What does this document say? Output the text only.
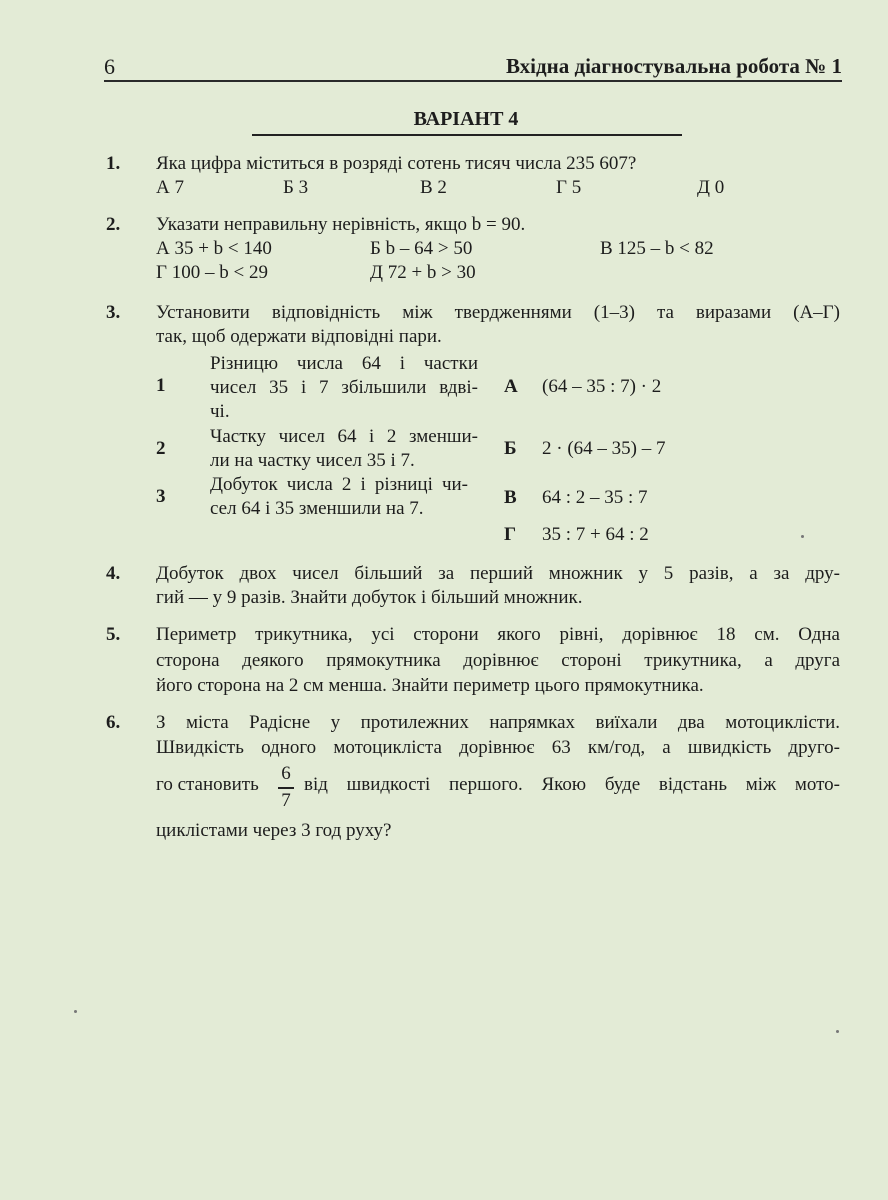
6	Вхідна діагностувальна робота № 1
ВАРІАНТ 4
1. Яка цифра міститься в розряді сотень тисяч числа 235 607?
А 7	Б 3	В 2	Г 5	Д 0
2. Указати неправильну нерівність, якщо b = 90.
А 35 + b < 140	Б b – 64 > 50	В 125 – b < 82
Г 100 – b < 29	Д 72 + b > 30
3. Установити відповідність між твердженнями (1–3) та виразами (А–Г)
так, щоб одержати відповідні пари.
1
Різницю числа 64 і частки
чисел 35 і 7 збільшили вдві-
чі.
2
Частку чисел 64 і 2 зменши-
ли на частку чисел 35 і 7.
3
Добуток числа 2 і різниці чи-
сел 64 і 35 зменшили на 7.
А (64 – 35 : 7) · 2
Б 2 · (64 – 35) – 7
В 64 : 2 – 35 : 7
Г 35 : 7 + 64 : 2
4. Добуток двох чисел більший за перший множник у 5 разів, а за дру-
гий — у 9 разів. Знайти добуток і більший множник.
5. Периметр трикутника, усі сторони якого рівні, дорівнює 18 см. Одна
сторона деякого прямокутника дорівнює стороні трикутника, а друга
його сторона на 2 см менша. Знайти периметр цього прямокутника.
6. З міста Радісне у протилежних напрямках виїхали два мотоциклісти.
Швидкість одного мотоцикліста дорівнює 63 км/год, а швидкість друго-
го становить
6
7
від швидкості першого. Якою буде відстань між мото-
циклістами через 3 год руху?
